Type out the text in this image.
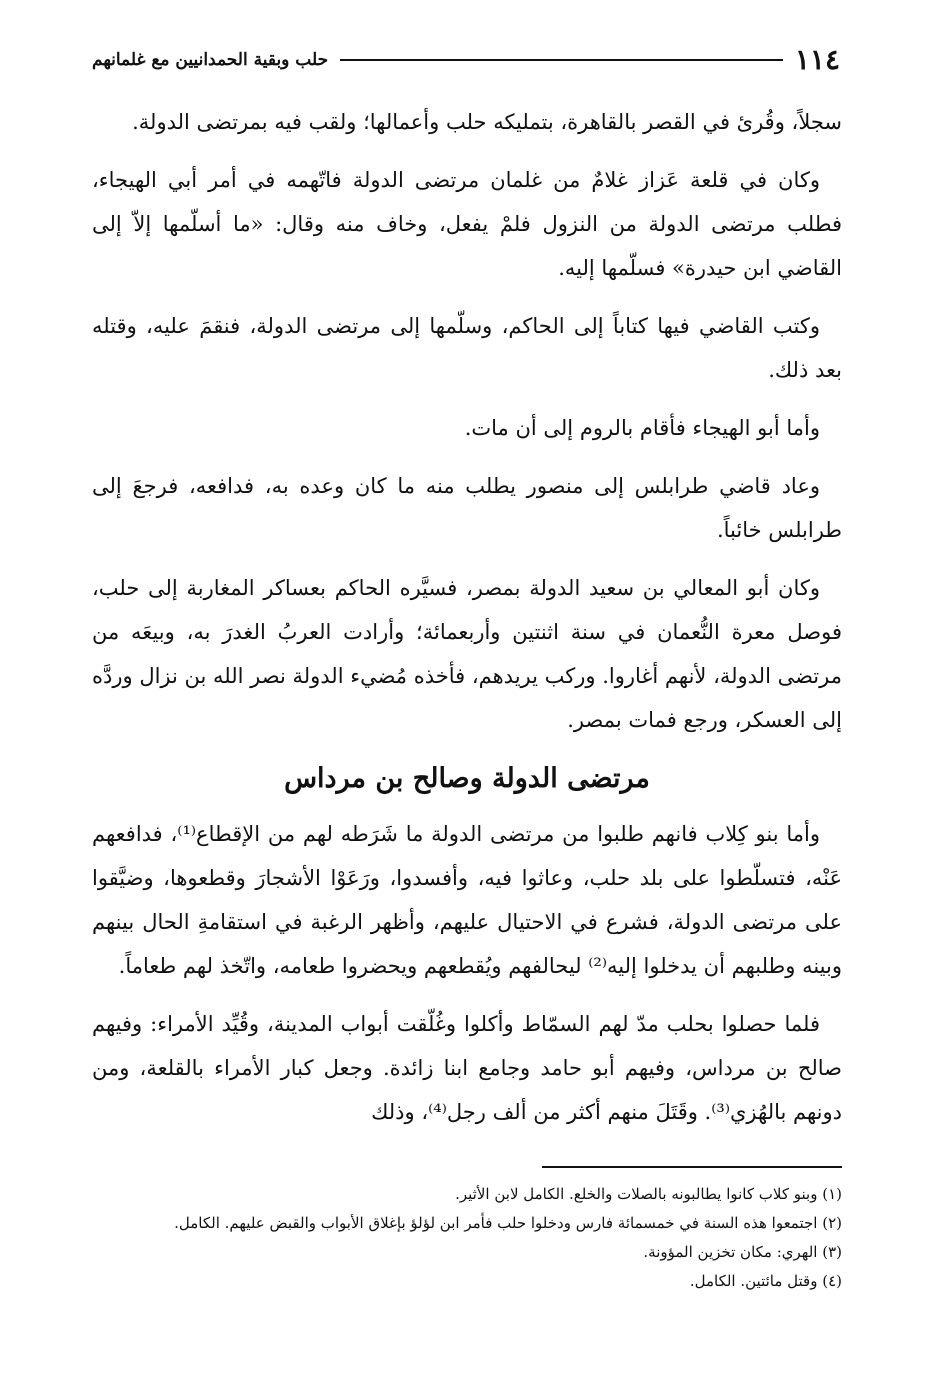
١١٤
حلب وبقية الحمدانيين مع غلمانهم

سجلاً، وقُرئ في القصر بالقاهرة، بتمليكه حلب وأعمالها؛ ولقب فيه بمرتضى الدولة.

وكان في قلعة عَزاز غلامٌ من غلمان مرتضى الدولة فاتّهمه في أمر أبي الهيجاء، فطلب مرتضى الدولة من النزول فلمْ يفعل، وخاف منه وقال: «ما أسلّمها إلاّ إلى القاضي ابن حيدرة» فسلّمها إليه.

وكتب القاضي فيها كتاباً إلى الحاكم، وسلّمها إلى مرتضى الدولة، فنقمَ عليه، وقتله بعد ذلك.

وأما أبو الهيجاء فأقام بالروم إلى أن مات.

وعاد قاضي طرابلس إلى منصور يطلب منه ما كان وعده به، فدافعه، فرجعَ إلى طرابلس خائباً.

وكان أبو المعالي بن سعيد الدولة بمصر، فسيَّره الحاكم بعساكر المغاربة إلى حلب، فوصل معرة النُّعمان في سنة اثنتين وأربعمائة؛ وأرادت العربُ الغدرَ به، وبيعَه من مرتضى الدولة، لأنهم أغاروا. وركب يريدهم، فأخذه مُضيء الدولة نصر الله بن نزال وردَّه إلى العسكر، ورجع فمات بمصر.

مرتضى الدولة وصالح بن مرداس

وأما بنو كِلاب فانهم طلبوا من مرتضى الدولة ما شَرَطه لهم من الإقطاع⁽¹⁾، فدافعهم عَنْه، فتسلّطوا على بلد حلب، وعاثوا فيه، وأفسدوا، ورَعَوْا الأشجارَ وقطعوها، وضيَّقوا على مرتضى الدولة، فشرع في الاحتيال عليهم، وأظهر الرغبة في استقامةِ الحال بينهم وبينه وطلبهم أن يدخلوا إليه⁽²⁾ ليحالفهم ويُقطعهم ويحضروا طعامه، واتّخذ لهم طعاماً.

فلما حصلوا بحلب مدّ لهم السمّاط وأكلوا وغُلّقت أبواب المدينة، وقُيِّد الأمراء: وفيهم صالح بن مرداس، وفيهم أبو حامد وجامع ابنا زائدة. وجعل كبار الأمراء بالقلعة، ومن دونهم بالهُزي⁽³⁾. وقَتَلَ منهم أكثر من ألف رجل⁽⁴⁾، وذلك

(١) وبنو كلاب كانوا يطالبونه بالصلات والخلع. الكامل لابن الأثير.

(٢) اجتمعوا هذه السنة في خمسمائة فارس ودخلوا حلب فأمر ابن لؤلؤ بإغلاق الأبواب والقبض عليهم. الكامل.

(٣) الهري: مكان تخزين المؤونة.

(٤) وقتل مائتين. الكامل.
